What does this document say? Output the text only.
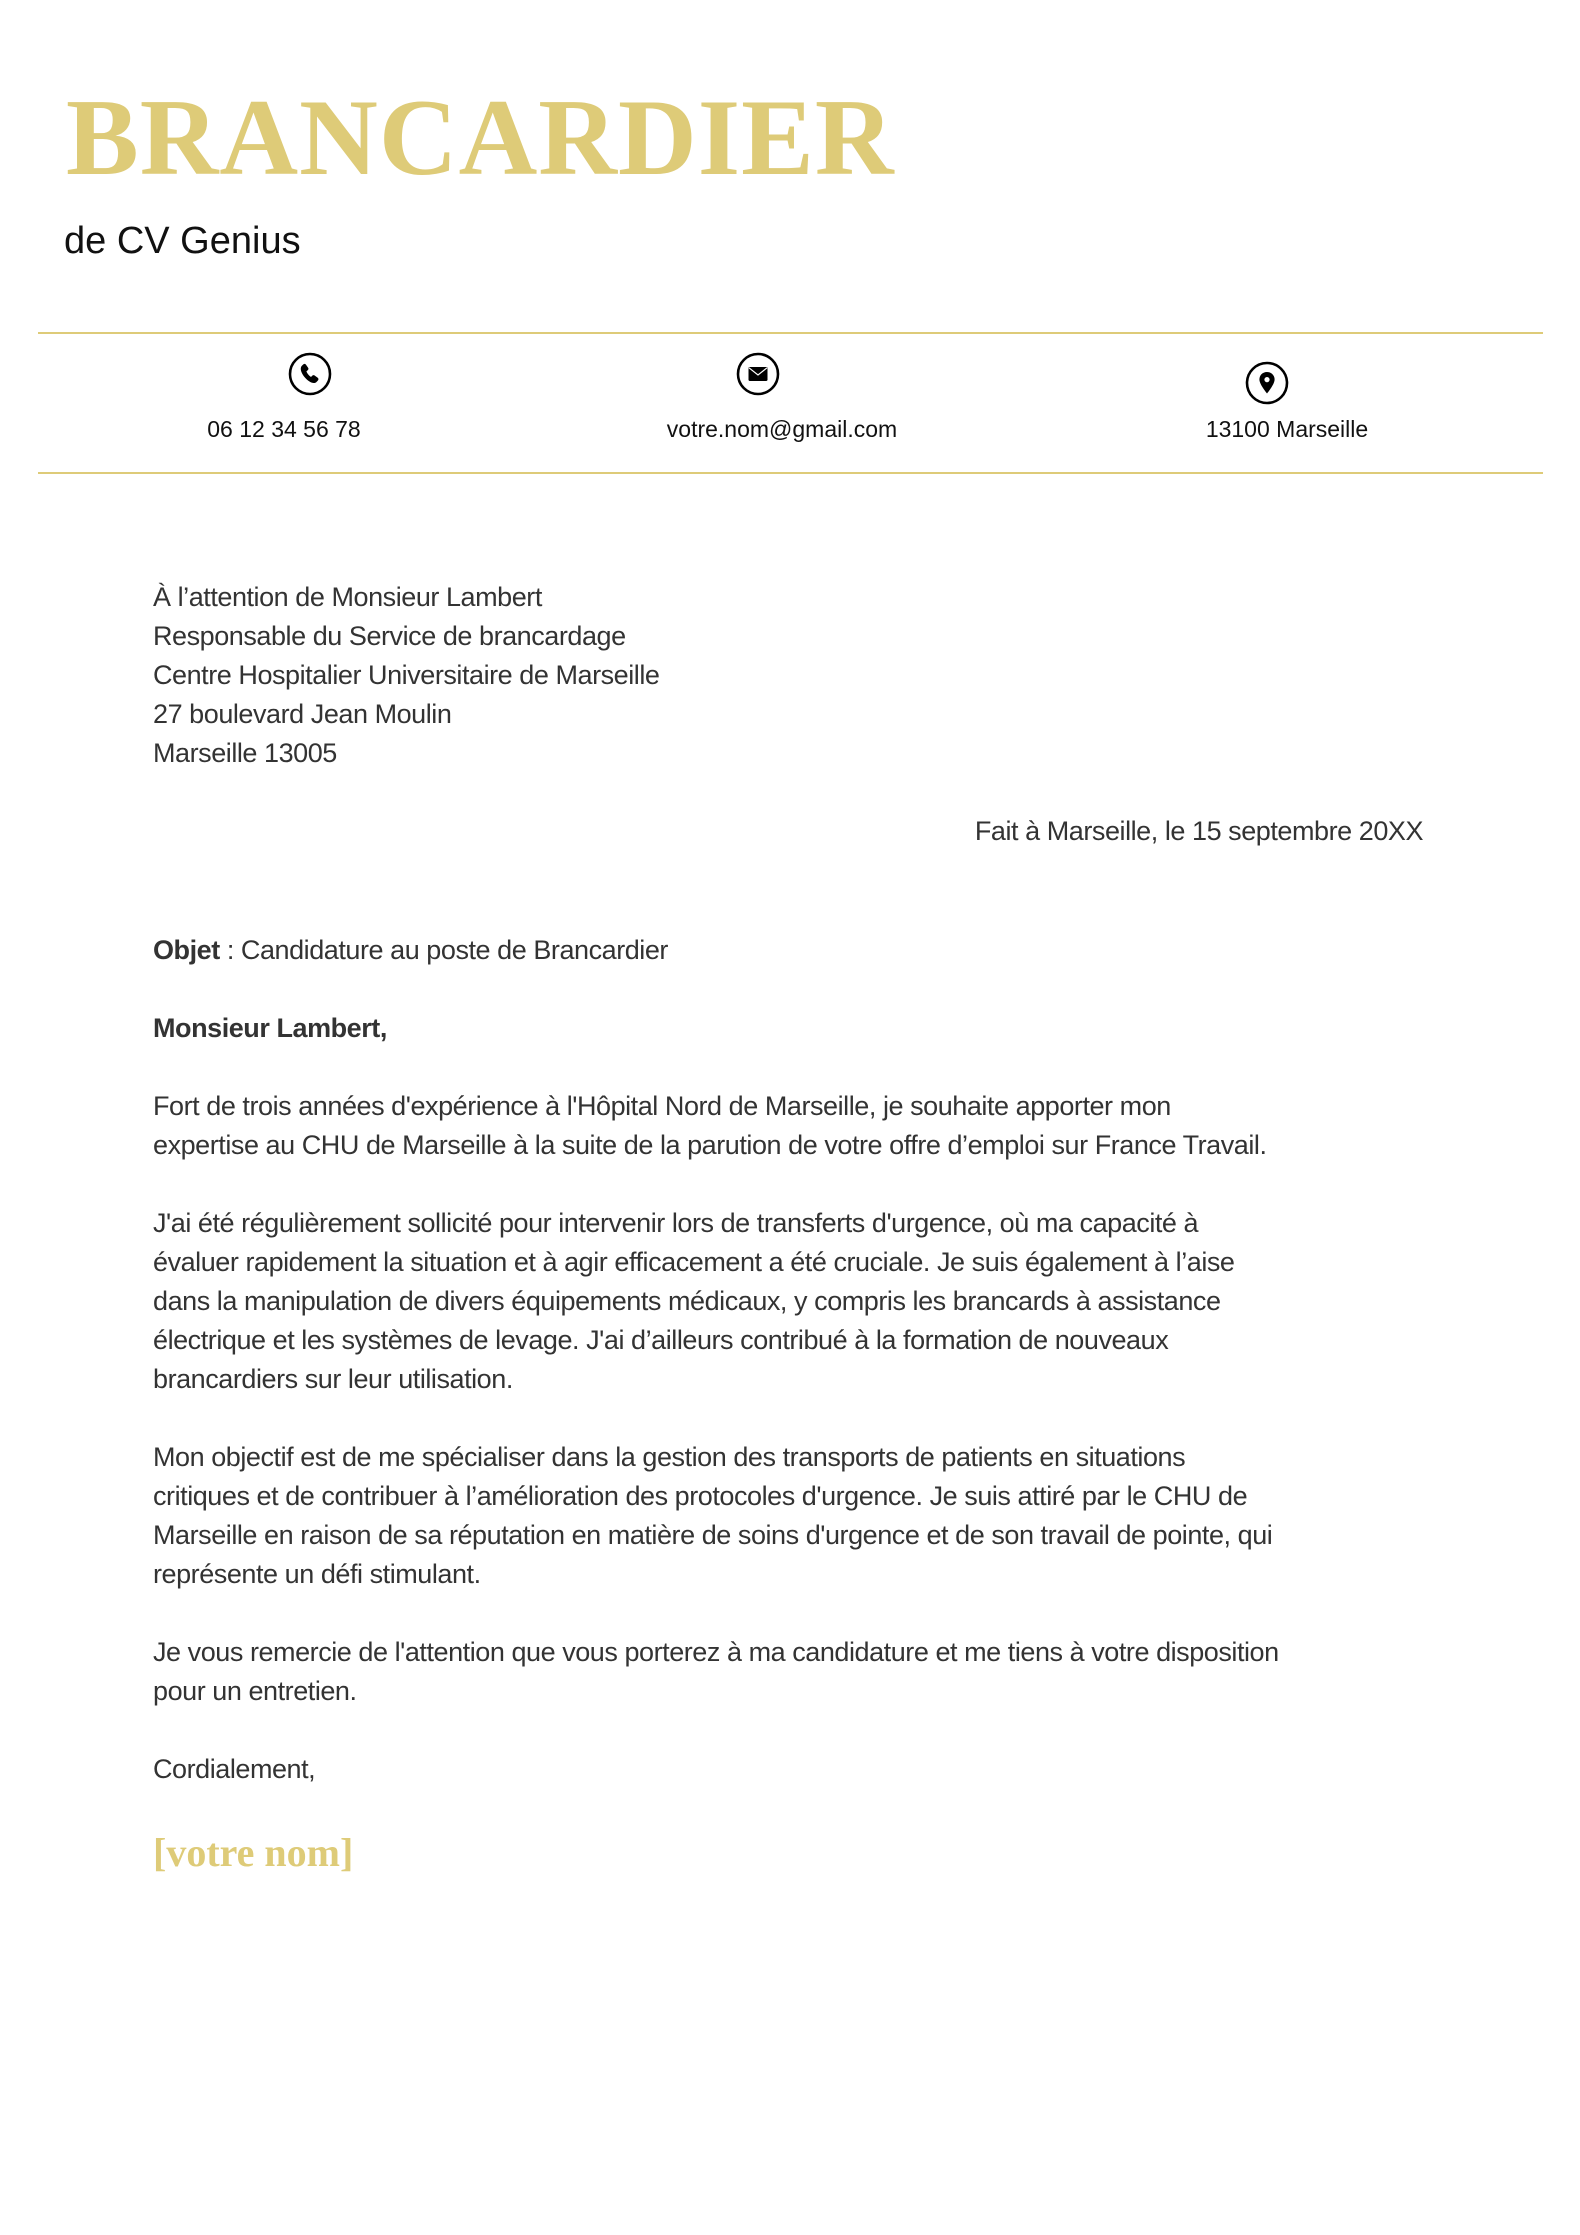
BRANCARDIER
de CV Genius
06 12 34 56 78	votre.nom@gmail.com	13100 Marseille
À l’attention de Monsieur Lambert
Responsable du Service de brancardage
Centre Hospitalier Universitaire de Marseille
27 boulevard Jean Moulin
Marseille 13005
Fait à Marseille, le 15 septembre 20XX
Objet : Candidature au poste de Brancardier
Monsieur Lambert,
Fort de trois années d'expérience à l'Hôpital Nord de Marseille, je souhaite apporter mon
expertise au CHU de Marseille à la suite de la parution de votre offre d’emploi sur France Travail.
J'ai été régulièrement sollicité pour intervenir lors de transferts d'urgence, où ma capacité à
évaluer rapidement la situation et à agir efficacement a été cruciale. Je suis également à l’aise
dans la manipulation de divers équipements médicaux, y compris les brancards à assistance
électrique et les systèmes de levage. J'ai d’ailleurs contribué à la formation de nouveaux
brancardiers sur leur utilisation.
Mon objectif est de me spécialiser dans la gestion des transports de patients en situations
critiques et de contribuer à l’amélioration des protocoles d'urgence. Je suis attiré par le CHU de
Marseille en raison de sa réputation en matière de soins d'urgence et de son travail de pointe, qui
représente un défi stimulant.
Je vous remercie de l'attention que vous porterez à ma candidature et me tiens à votre disposition
pour un entretien.
Cordialement,
[votre nom]
